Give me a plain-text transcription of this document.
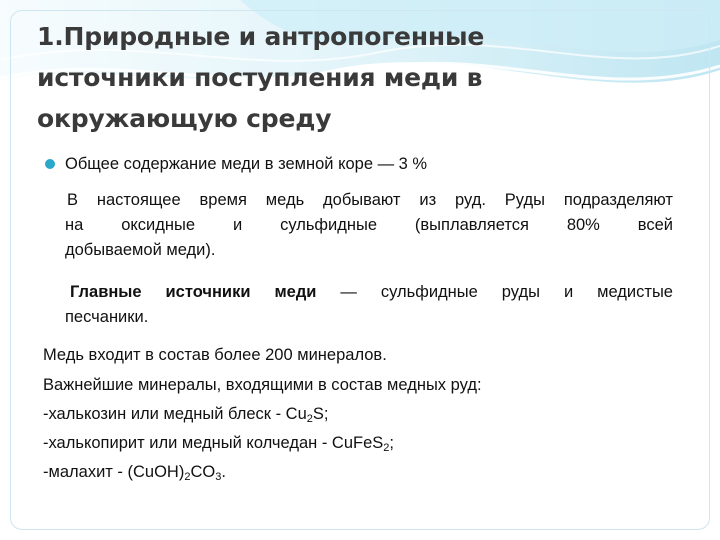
1.Природные и антропогенные
источники поступления меди в
окружающую среду
Общее содержание меди в земной коре — 3 %

В настоящее время медь добывают из руд. Руды подразделяют
на оксидные и сульфидные (выплавляется 80% всей
добываемой меди).

Главные источники меди — сульфидные руды и медистые
песчаники.

Медь входит в состав более 200 минералов.
Важнейшие минералы, входящими в состав медных руд:
-халькозин или медный блеск - $Cu_2S$;
-халькопирит или медный колчедан - CuFeS$_2$;
-малахит - $(CuOH)_2CO_3$.
